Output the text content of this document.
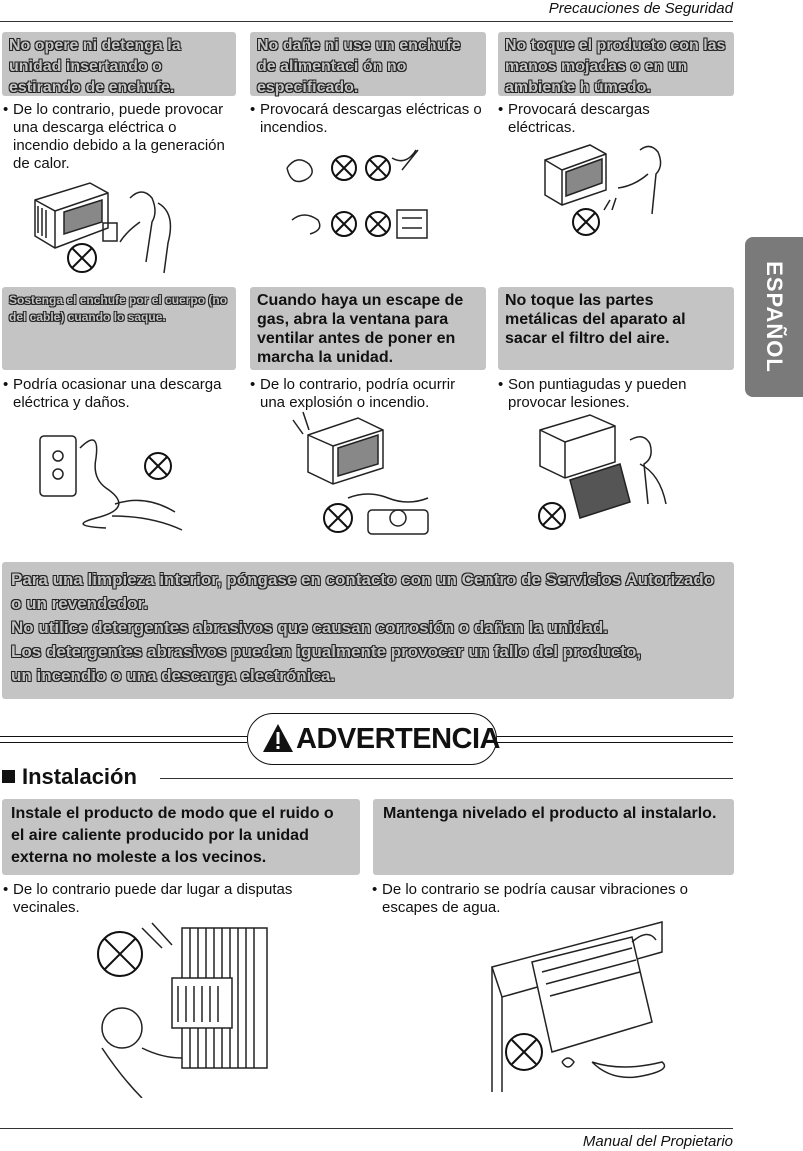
Precauciones de Seguridad
ESPAÑOL
No opere ni detenga la unidad insertando o estirando de enchufe.
No dañe ni use un enchufe de alimentaci ón no especificado.
No toque el producto con las manos mojadas o en un ambiente h úmedo.
• De lo contrario, puede provocar una descarga eléctrica o incendio debido a la generación de calor.
• Provocará descargas eléctricas o incendios.
• Provocará descargas eléctricas.
Sostenga el enchufe por el cuerpo (no del cable) cuando lo saque.
Cuando haya un escape de gas, abra la ventana para ventilar antes de poner en marcha la unidad.
No toque las partes metálicas del aparato al sacar el filtro del aire.
• Podría ocasionar una descarga eléctrica y daños.
• De lo contrario, podría ocurrir una explosión o incendio.
• Son puntiagudas y pueden provocar lesiones.
Para una limpieza interior, póngase en contacto con un Centro de Servicios Autorizado
o un revendedor.
No utilice detergentes abrasivos que causan corrosión o dañan la unidad.
Los detergentes abrasivos pueden igualmente provocar un fallo del producto,
un incendio o una descarga electrónica.
ADVERTENCIA
Instalación
Instale el producto de modo que el ruido o el aire caliente producido por la unidad externa no moleste a los vecinos.
Mantenga nivelado el producto al instalarlo.
• De lo contrario puede dar lugar a disputas vecinales.
• De lo contrario se podría causar vibraciones o escapes de agua.
Manual del Propietario
